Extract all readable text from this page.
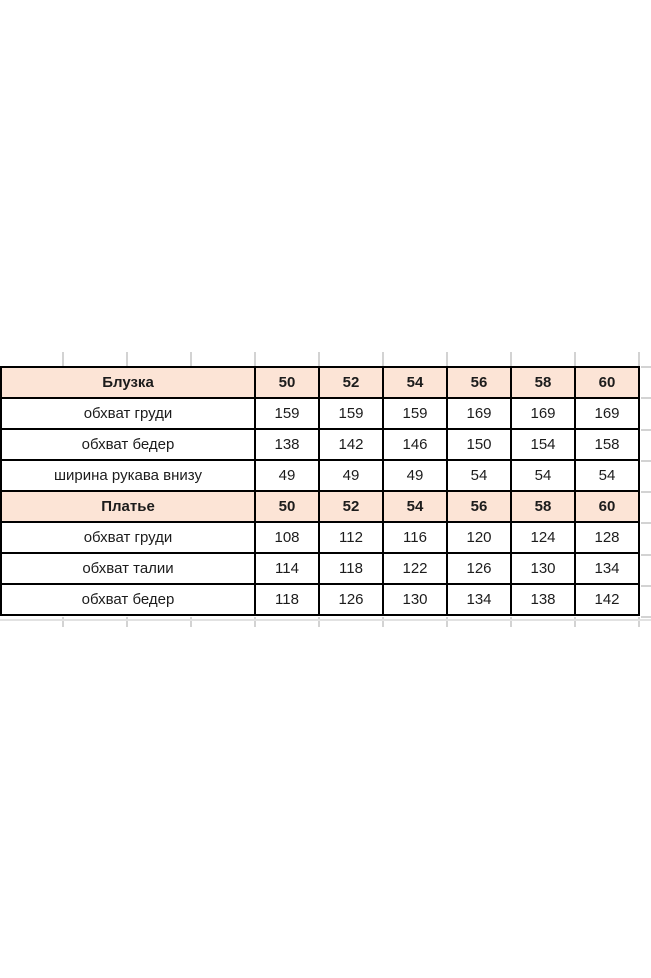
Блузка	50	52	54	56	58	60
обхват груди	159	159	159	169	169	169
обхват бедер	138	142	146	150	154	158
ширина рукава внизу	49	49	49	54	54	54
Платье	50	52	54	56	58	60
обхват груди	108	112	116	120	124	128
обхват талии	114	118	122	126	130	134
обхват бедер	118	126	130	134	138	142
